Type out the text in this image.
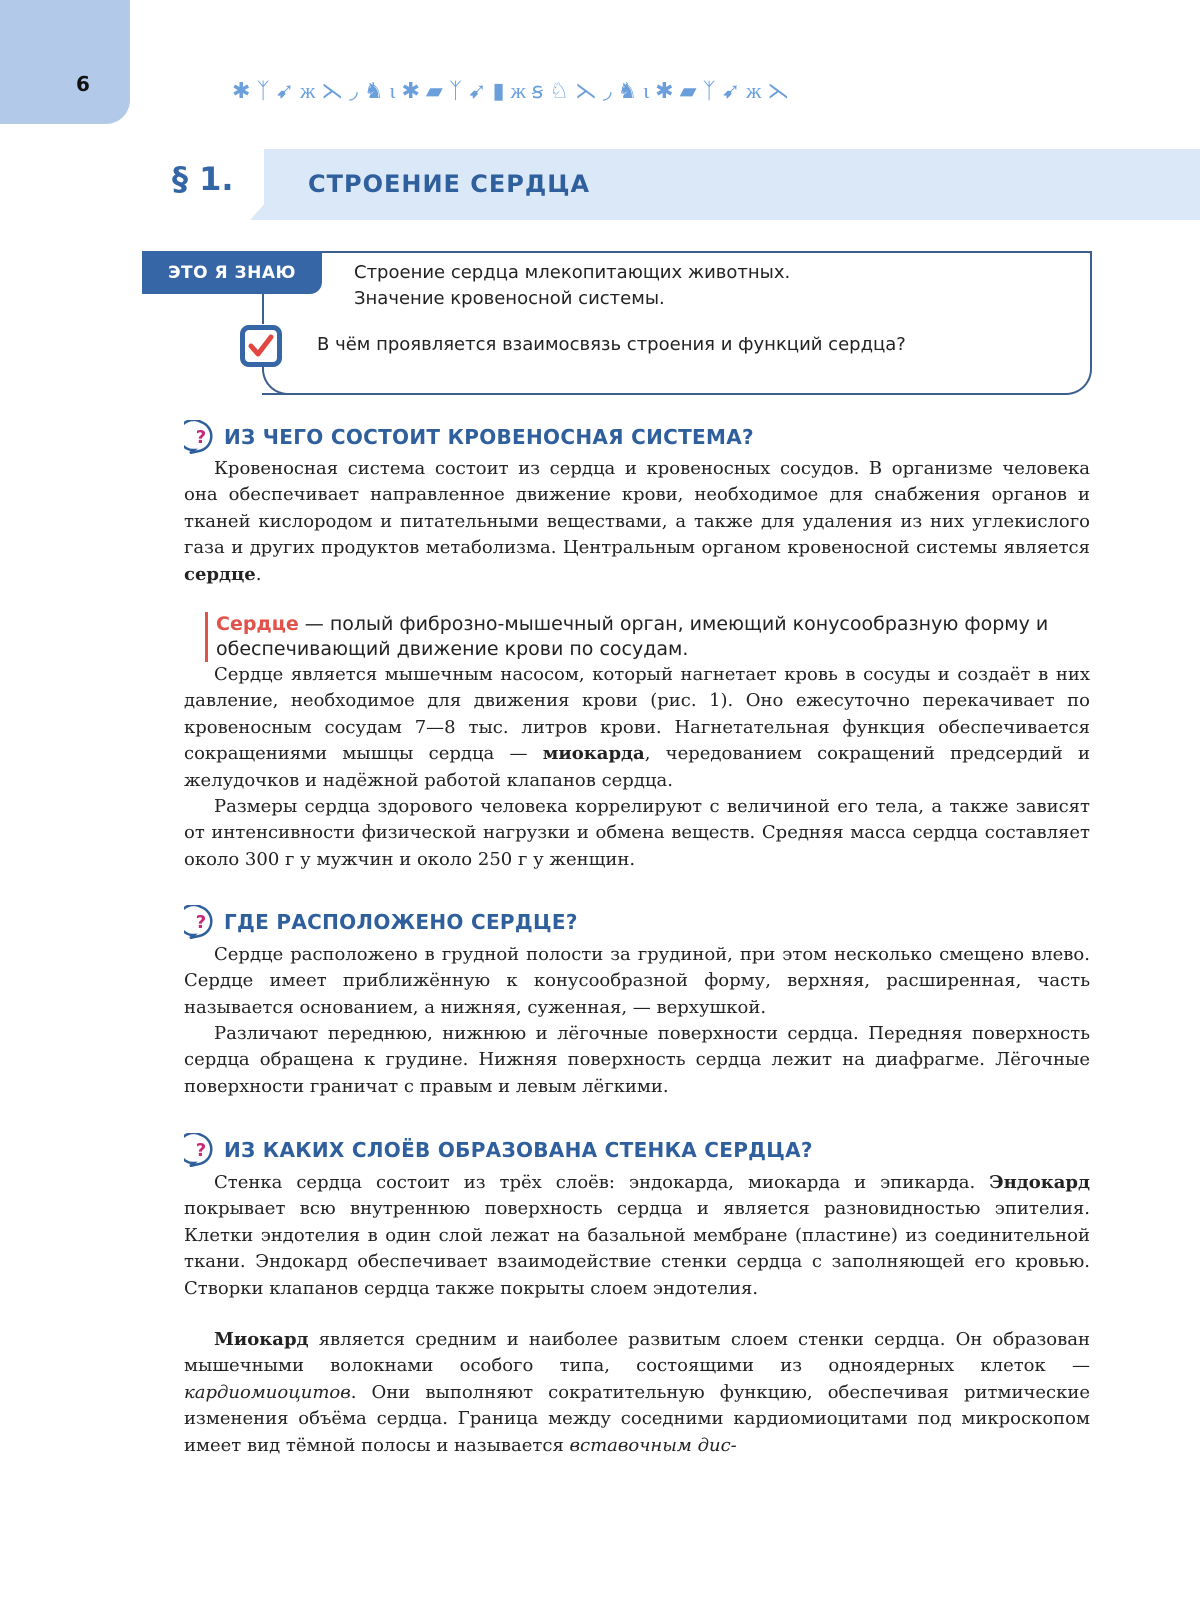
6	✱ ᛉ ➹ ж ⋋ ◞ ♞ ɩ ✱ ▰ ᛉ ➹ ▮ ж ꞩ ♘ ⋋ ◞ ♞ ɩ ✱ ▰ ᛉ ➹ ж ⋋
§ 1.	СТРОЕНИЕ СЕРДЦА
ЭТО Я ЗНАЮ	Строение сердца млекопитающих животных.
Значение кровеносной системы.
В чём проявляется взаимосвязь строения и функций сердца?
? ИЗ ЧЕГО СОСТОИТ КРОВЕНОСНАЯ СИСТЕМА?
Кровеносная система состоит из сердца и кровеносных сосудов. В организме человека она обеспечивает направленное движение крови, необходимое для снабжения органов и тканей кислородом и питательными веществами, а также для удаления из них углекислого газа и других продуктов метаболизма. Центральным органом кровеносной системы является сердце.
Сердце — полый фиброзно-мышечный орган, имеющий конусообразную форму и обеспечивающий движение крови по сосудам.
Сердце является мышечным насосом, который нагнетает кровь в сосуды и создаёт в них давление, необходимое для движения крови (рис. 1). Оно ежесуточно перекачивает по кровеносным сосудам 7—8 тыс. литров крови. Нагнетательная функция обеспечивается сокращениями мышцы сердца — миокарда, чередованием сокращений предсердий и желудочков и надёжной работой клапанов сердца.
Размеры сердца здорового человека коррелируют с величиной его тела, а также зависят от интенсивности физической нагрузки и обмена веществ. Средняя масса сердца составляет около 300 г у мужчин и около 250 г у женщин.
? ГДЕ РАСПОЛОЖЕНО СЕРДЦЕ?
Сердце расположено в грудной полости за грудиной, при этом несколько смещено влево. Сердце имеет приближённую к конусообразной форму, верхняя, расширенная, часть называется основанием, а нижняя, суженная, — верхушкой.
Различают переднюю, нижнюю и лёгочные поверхности сердца. Передняя поверхность сердца обращена к грудине. Нижняя поверхность сердца лежит на диафрагме. Лёгочные поверхности граничат с правым и левым лёгкими.
? ИЗ КАКИХ СЛОЁВ ОБРАЗОВАНА СТЕНКА СЕРДЦА?
Стенка сердца состоит из трёх слоёв: эндокарда, миокарда и эпикарда. Эндокард покрывает всю внутреннюю поверхность сердца и является разновидностью эпителия. Клетки эндотелия в один слой лежат на базальной мембране (пластине) из соединительной ткани. Эндокард обеспечивает взаимодействие стенки сердца с заполняющей его кровью. Створки клапанов сердца также покрыты слоем эндотелия.
Миокард является средним и наиболее развитым слоем стенки сердца. Он образован мышечными волокнами особого типа, состоящими из одноядерных клеток — кардиомиоцитов. Они выполняют сократительную функцию, обеспечивая ритмические изменения объёма сердца. Граница между соседними кардиомиоцитами под микроскопом имеет вид тёмной полосы и называется вставочным дис-
